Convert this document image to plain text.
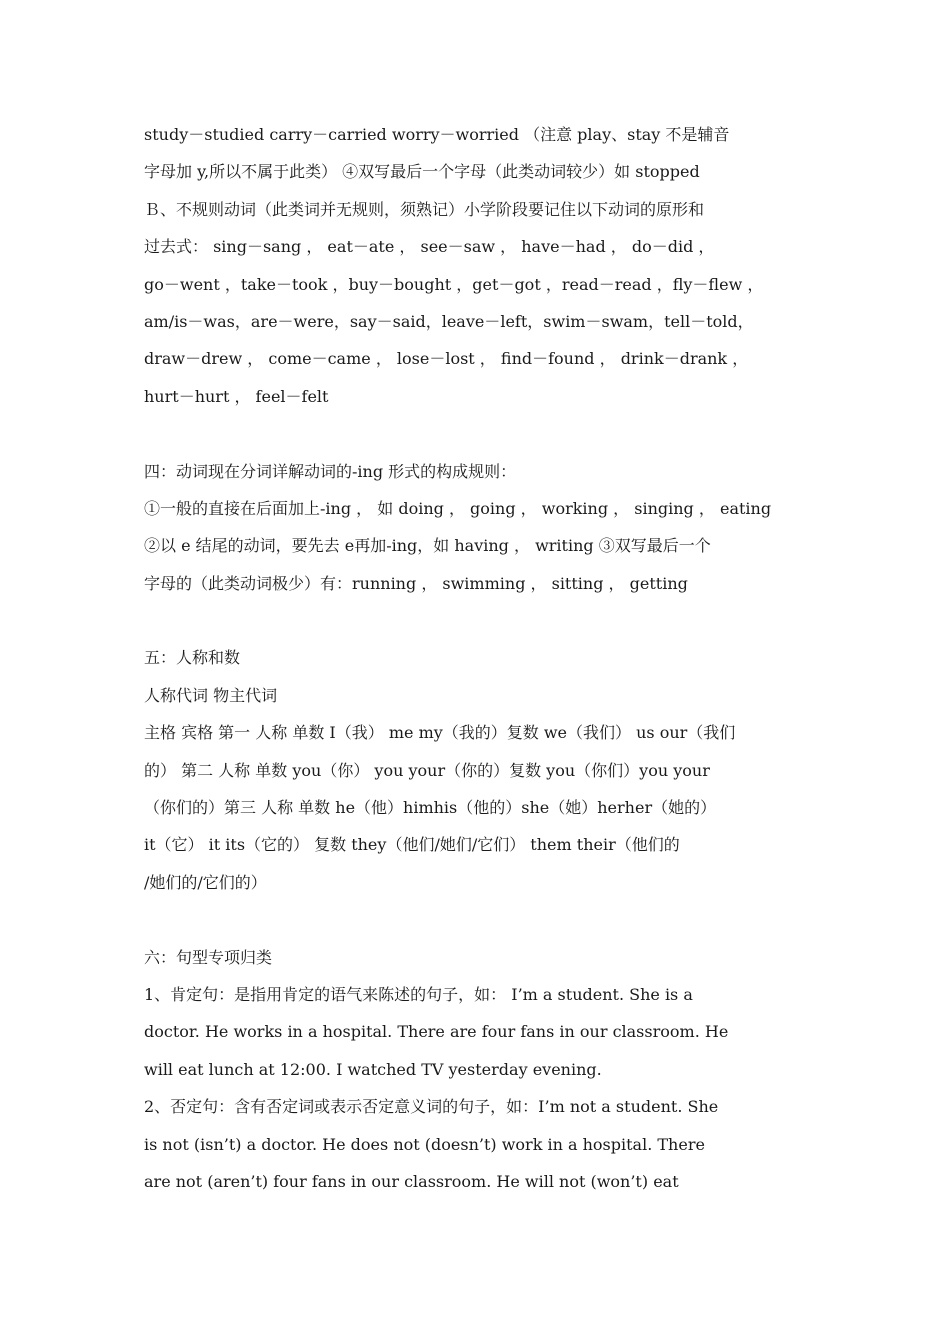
study－studied carry－carried worry－worried （注意 play、stay 不是辅音
字母加 y,所以不属于此类） ④双写最后一个字母（此类动词较少）如 stopped
Ｂ、不规则动词（此类词并无规则，须熟记）小学阶段要记住以下动词的原形和
过去式： sing－sang ， eat－ate ， see－saw ， have－had ， do－did ，
go－went ，take－took ，buy－bought ，get－got ，read－read ，fly－flew ，
am/is－was，are－were，say－said，leave－left，swim－swam，tell－told，
draw－drew ， come－came ， lose－lost ， find－found ， drink－drank ，
hurt－hurt ， feel－felt
四：动词现在分词详解动词的-ing 形式的构成规则：
①一般的直接在后面加上-ing ， 如 doing ， going ， working ， singing ， eating
②以 e 结尾的动词，要先去 e再加-ing，如 having ， writing ③双写最后一个
字母的（此类动词极少）有：running ， swimming ， sitting ， getting
五：人称和数
人称代词 物主代词
主格 宾格 第一 人称 单数 I（我） me my（我的）复数 we（我们） us our（我们
的） 第二 人称 单数 you（你） you your（你的）复数 you（你们）you your
（你们的）第三 人称 单数 he（他）himhis（他的）she（她）herher（她的）
it（它） it its（它的） 复数 they（他们/她们/它们） them their（他们的
/她们的/它们的）
六：句型专项归类
1、肯定句：是指用肯定的语气来陈述的句子，如： I’m a student. She is a
doctor. He works in a hospital. There are four fans in our classroom. He
will eat lunch at 12:00. I watched TV yesterday evening.
2、否定句：含有否定词或表示否定意义词的句子，如：I’m not a student. She
is not (isn’t) a doctor. He does not (doesn’t) work in a hospital. There
are not (aren’t) four fans in our classroom. He will not (won’t) eat
